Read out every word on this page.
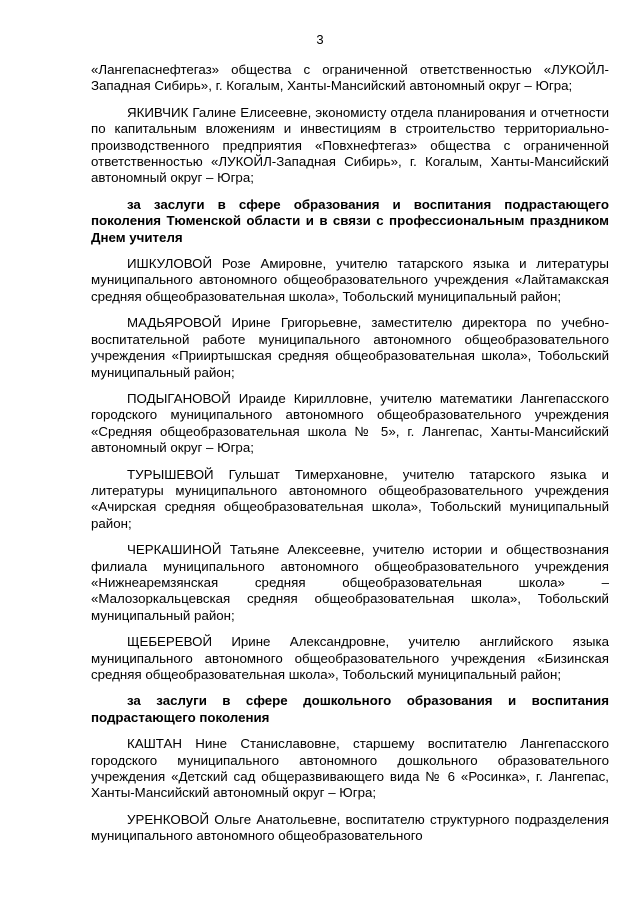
3

«Лангепаснефтегаз» общества с ограниченной ответственностью «ЛУКОЙЛ-Западная Сибирь», г. Когалым, Ханты-Мансийский автономный округ – Югра;

ЯКИВЧИК Галине Елисеевне, экономисту отдела планирования и отчетности по капитальным вложениям и инвестициям в строительство территориально-производственного предприятия «Повхнефтегаз» общества с ограниченной ответственностью «ЛУКОЙЛ-Западная Сибирь», г. Когалым, Ханты-Мансийский автономный округ – Югра;

за заслуги в сфере образования и воспитания подрастающего поколения Тюменской области и в связи с профессиональным праздником Днем учителя

ИШКУЛОВОЙ Розе Амировне, учителю татарского языка и литературы муниципального автономного общеобразовательного учреждения «Лайтамакская средняя общеобразовательная школа», Тобольский муниципальный район;

МАДЬЯРОВОЙ Ирине Григорьевне, заместителю директора по учебно-воспитательной работе муниципального автономного общеобразовательного учреждения «Прииртышская средняя общеобразовательная школа», Тобольский муниципальный район;

ПОДЫГАНОВОЙ Ираиде Кирилловне, учителю математики Лангепасского городского муниципального автономного общеобразовательного учреждения «Средняя общеобразовательная школа № 5», г. Лангепас, Ханты-Мансийский автономный округ – Югра;

ТУРЫШЕВОЙ Гульшат Тимерхановне, учителю татарского языка и литературы муниципального автономного общеобразовательного учреждения «Ачирская средняя общеобразовательная школа», Тобольский муниципальный район;

ЧЕРКАШИНОЙ Татьяне Алексеевне, учителю истории и обществознания филиала муниципального автономного общеобразовательного учреждения «Нижнеаремзянская средняя общеобразовательная школа» – «Малозоркальцевская средняя общеобразовательная школа», Тобольский муниципальный район;

ЩЕБЕРЕВОЙ Ирине Александровне, учителю английского языка муниципального автономного общеобразовательного учреждения «Бизинская средняя общеобразовательная школа», Тобольский муниципальный район;

за заслуги в сфере дошкольного образования и воспитания подрастающего поколения

КАШТАН Нине Станиславовне, старшему воспитателю Лангепасского городского муниципального автономного дошкольного образовательного учреждения «Детский сад общеразвивающего вида № 6 «Росинка», г. Лангепас, Ханты-Мансийский автономный округ – Югра;

УРЕНКОВОЙ Ольге Анатольевне, воспитателю структурного подразделения муниципального автономного общеобразовательного
